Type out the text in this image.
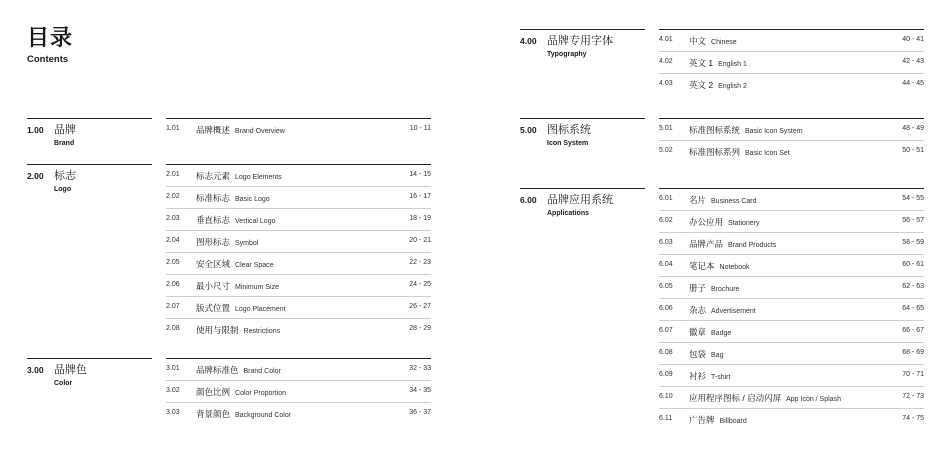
目录
Contents
1.00 品牌
Brand
1.01 品牌概述 Brand Overview	10 - 11
2.00 标志
Logo
2.01 标志元素 Logo Elements	14 - 15
2.02 标准标志 Basic Logo	16 - 17
2.03 垂直标志 Vertical Logo	18 - 19
2.04 图形标志 Symbol	20 - 21
2.05 安全区域 Clear Space	22 - 23
2.06 最小尺寸 Minimum Size	24 - 25
2.07 版式位置 Logo Placement	26 - 27
2.08 使用与限制 Restrictions	28 - 29
3.00 品牌色
Color
3.01 品牌标准色 Brand Color	32 - 33
3.02 颜色比例 Color Proportion	34 - 35
3.03 背景颜色 Background Color	36 - 37
4.00 品牌专用字体
Typography
4.01 中文 Chinese	40 - 41
4.02 英文 1 English 1	42 - 43
4.03 英文 2 English 2	44 - 45
5.00 图标系统
Icon System
5.01 标准图标系统 Basic Icon System	48 - 49
5.02 标准图标系列 Basic Icon Set	50 - 51
6.00 品牌应用系统
Applications
6.01 名片 Business Card	54 - 55
6.02 办公应用 Stationery	56 - 57
6.03 品牌产品 Brand Products	58 - 59
6.04 笔记本 Notebook	60 - 61
6.05 册子 Brochure	62 - 63
6.06 杂志 Advertisement	64 - 65
6.07 徽章 Badge	66 - 67
6.08 包袋 Bag	68 - 69
6.09 衬衫 T-shirt	70 - 71
6.10 应用程序图标 / 启动闪屏 App Icon / Splash	72 - 73
6.11 广告牌 Billboard	74 - 75
